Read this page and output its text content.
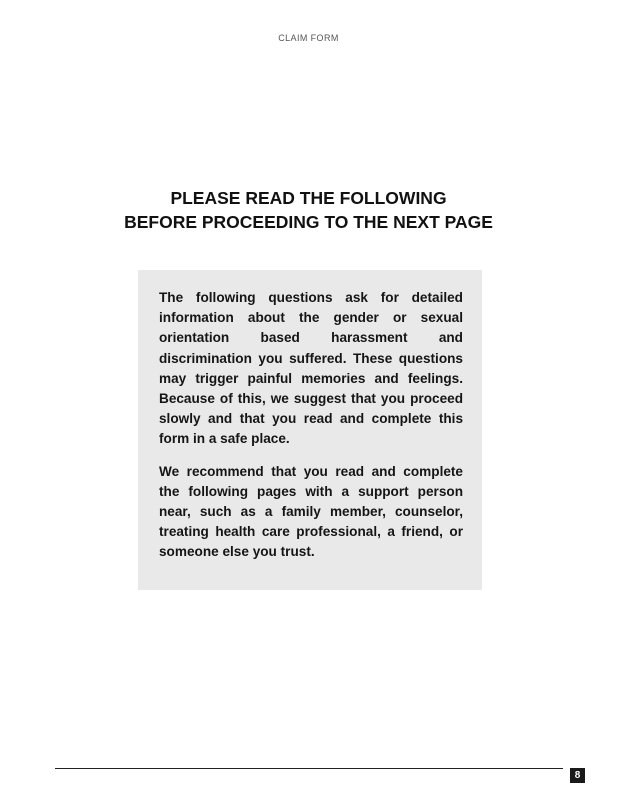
CLAIM FORM
PLEASE READ THE FOLLOWING
BEFORE PROCEEDING TO THE NEXT PAGE

The following questions ask for detailed information about the gender or sexual orientation based harassment and discrimination you suffered. These questions may trigger painful memories and feelings. Because of this, we suggest that you proceed slowly and that you read and complete this form in a safe place.

We recommend that you read and complete the following pages with a support person near, such as a family member, counselor, treating health care professional, a friend, or someone else you trust.

8
